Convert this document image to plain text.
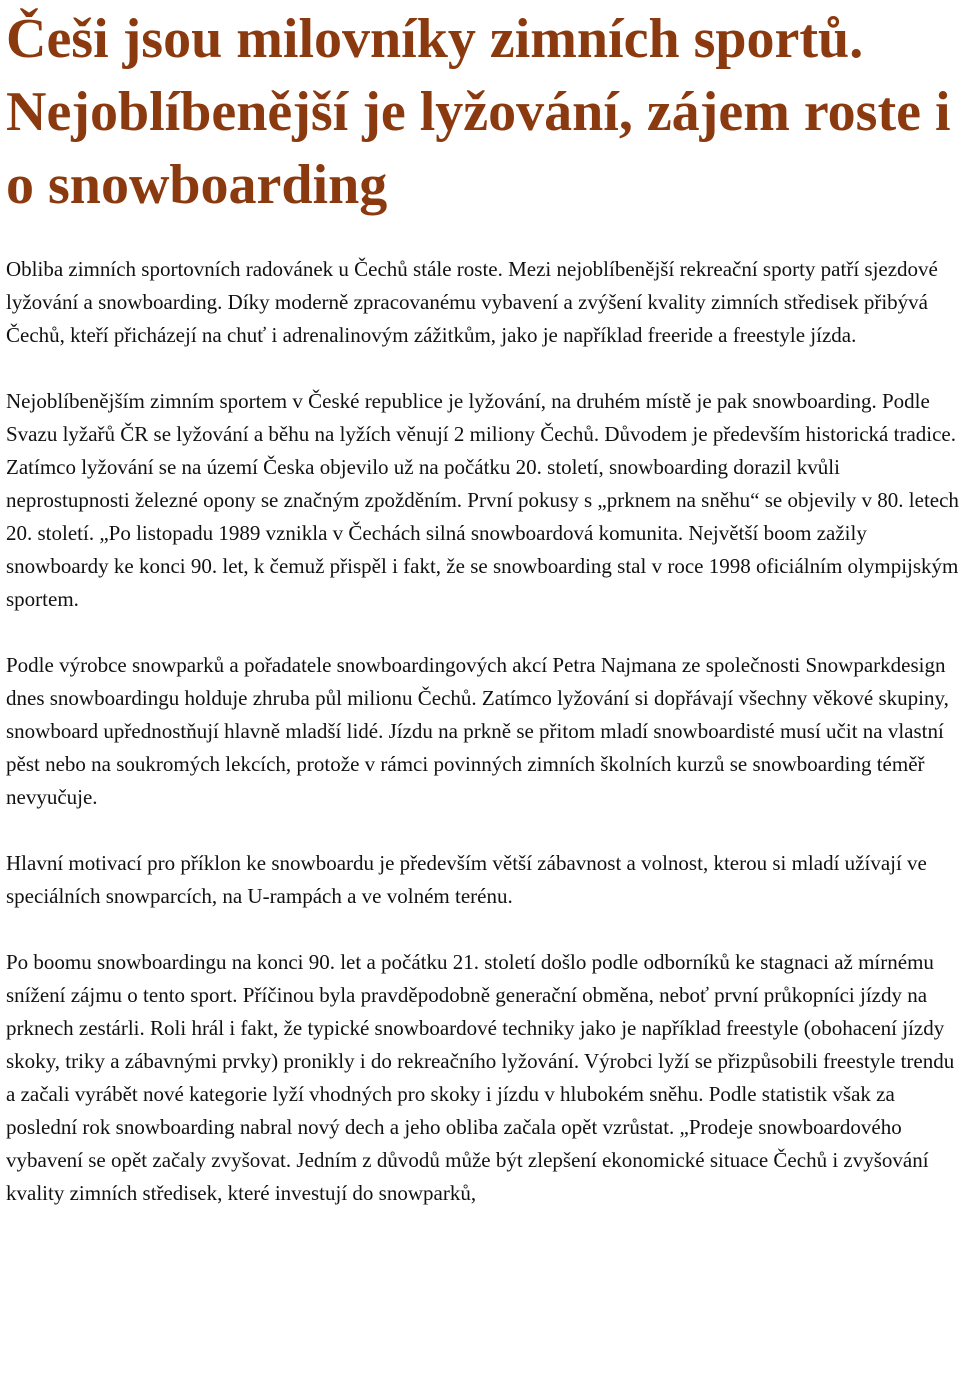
Češi jsou milovníky zimních sportů. Nejoblíbenější je lyžování, zájem roste i o snowboarding

Obliba zimních sportovních radovánek u Čechů stále roste. Mezi nejoblíbenější rekreační sporty patří sjezdové lyžování a snowboarding. Díky moderně zpracovanému vybavení a zvýšení kvality zimních středisek přibývá Čechů, kteří přicházejí na chuť i adrenalinovým zážitkům, jako je například freeride a freestyle jízda.

Nejoblíbenějším zimním sportem v České republice je lyžování, na druhém místě je pak snowboarding. Podle Svazu lyžařů ČR se lyžování a běhu na lyžích věnují 2 miliony Čechů. Důvodem je především historická tradice. Zatímco lyžování se na území Česka objevilo už na počátku 20. století, snowboarding dorazil kvůli neprostupnosti železné opony se značným zpožděním. První pokusy s „prknem na sněhu“ se objevily v 80. letech 20. století. „Po listopadu 1989 vznikla v Čechách silná snowboardová komunita. Největší boom zažily snowboardy ke konci 90. let, k čemuž přispěl i fakt, že se snowboarding stal v roce 1998 oficiálním olympijským sportem.

Podle výrobce snowparků a pořadatele snowboardingových akcí Petra Najmana ze společnosti Snowparkdesign dnes snowboardingu holduje zhruba půl milionu Čechů. Zatímco lyžování si dopřávají všechny věkové skupiny, snowboard upřednostňují hlavně mladší lidé. Jízdu na prkně se přitom mladí snowboardisté musí učit na vlastní pěst nebo na soukromých lekcích, protože v rámci povinných zimních školních kurzů se snowboarding téměř nevyučuje.

Hlavní motivací pro příklon ke snowboardu je především větší zábavnost a volnost, kterou si mladí užívají ve speciálních snowparcích, na U-rampách a ve volném terénu.

Po boomu snowboardingu na konci 90. let a počátku 21. století došlo podle odborníků ke stagnaci až mírnému snížení zájmu o tento sport. Příčinou byla pravděpodobně generační obměna, neboť první průkopníci jízdy na prknech zestárli. Roli hrál i fakt, že typické snowboardové techniky jako je například freestyle (obohacení jízdy skoky, triky a zábavnými prvky) pronikly i do rekreačního lyžování. Výrobci lyží se přizpůsobili freestyle trendu a začali vyrábět nové kategorie lyží vhodných pro skoky i jízdu v hlubokém sněhu. Podle statistik však za poslední rok snowboarding nabral nový dech a jeho obliba začala opět vzrůstat. „Prodeje snowboardového vybavení se opět začaly zvyšovat. Jedním z důvodů může být zlepšení ekonomické situace Čechů i zvyšování kvality zimních středisek, které investují do snowparků,
